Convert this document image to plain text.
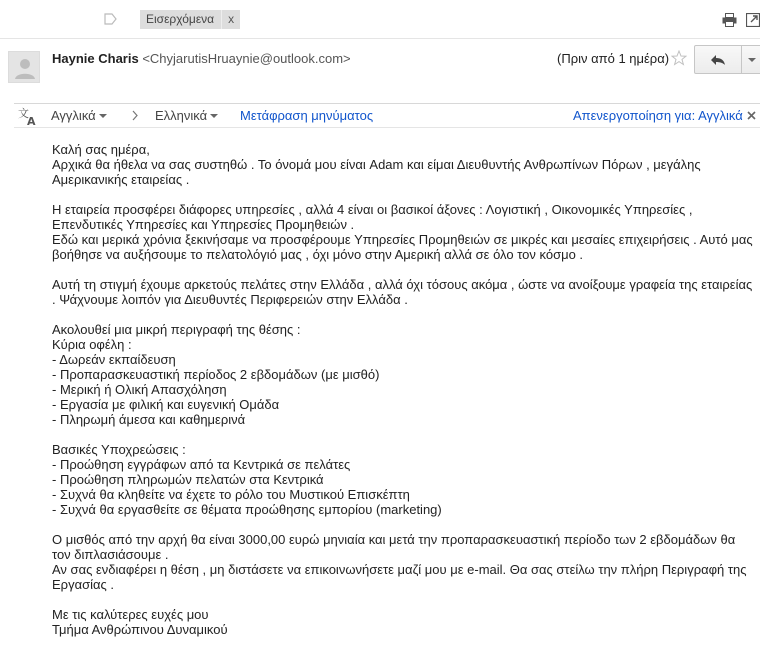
Εισερχόμενα	x
Haynie Charis <ChyjarutisHruaynie@outlook.com>	(Πριν από 1 ημέρα)
文
A Αγγλικά	Ελληνικά	Μετάφραση μηνύματος	Απενεργοποίηση για: Αγγλικά

Καλή σας ημέρα,

Αρχικά θα ήθελα να σας συστηθώ . Το όνομά μου είναι Adam και είμαι Διευθυντής Ανθρωπίνων Πόρων , μεγάλης Αμερικανικής εταιρείας .

Η εταιρεία προσφέρει διάφορες υπηρεσίες , αλλά 4 είναι οι βασικοί άξονες : Λογιστική , Οικονομικές Υπηρεσίες , Επενδυτικές Υπηρεσίες και Υπηρεσίες Προμηθειών .

Εδώ και μερικά χρόνια ξεκινήσαμε να προσφέρουμε Υπηρεσίες Προμηθειών σε μικρές και μεσαίες επιχειρήσεις . Αυτό μας βοήθησε να αυξήσουμε το πελατολόγιό μας , όχι μόνο στην Αμερική αλλά σε όλο τον κόσμο .

Αυτή τη στιγμή έχουμε αρκετούς πελάτες στην Ελλάδα , αλλά όχι τόσους ακόμα , ώστε να ανοίξουμε γραφεία της εταιρείας . Ψάχνουμε λοιπόν για Διευθυντές Περιφερειών στην Ελλάδα .

Ακολουθεί μια μικρή περιγραφή της θέσης :

Κύρια οφέλη :

- Δωρεάν εκπαίδευση

- Προπαρασκευαστική περίοδος 2 εβδομάδων (με μισθό)

- Μερική ή Ολική Απασχόληση

- Εργασία με φιλική και ευγενική Ομάδα

- Πληρωμή άμεσα και καθημερινά

Βασικές Υποχρεώσεις :

- Προώθηση εγγράφων από τα Κεντρικά σε πελάτες

- Προώθηση πληρωμών πελατών στα Κεντρικά

- Συχνά θα κληθείτε να έχετε το ρόλο του Μυστικού Επισκέπτη

- Συχνά θα εργασθείτε σε θέματα προώθησης εμπορίου (marketing)

Ο μισθός από την αρχή θα είναι 3000,00 ευρώ μηνιαία και μετά την προπαρασκευαστική περίοδο των 2 εβδομάδων θα τον διπλασιάσουμε .

Αν σας ενδιαφέρει η θέση , μη διστάσετε να επικοινωνήσετε μαζί μου με e-mail. Θα σας στείλω την πλήρη Περιγραφή της Εργασίας .

Με τις καλύτερες ευχές μου

Τμήμα Ανθρώπινου Δυναμικού
